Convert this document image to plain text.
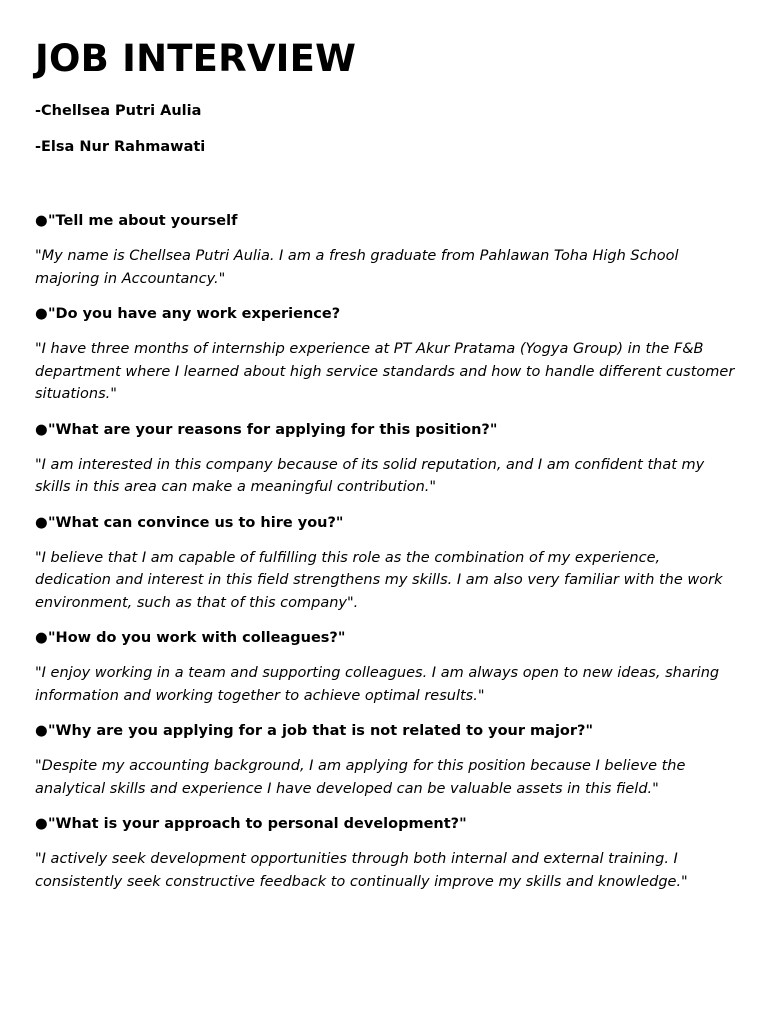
JOB INTERVIEW

-Chellsea Putri Aulia

-Elsa Nur Rahmawati

●"Tell me about yourself

"My name is Chellsea Putri Aulia. I am a fresh graduate from Pahlawan Toha High School majoring in Accountancy."

●"Do you have any work experience?

"I have three months of internship experience at PT Akur Pratama (Yogya Group) in the F&B department where I learned about high service standards and how to handle different customer situations."

●"What are your reasons for applying for this position?"

"I am interested in this company because of its solid reputation, and I am confident that my skills in this area can make a meaningful contribution."

●"What can convince us to hire you?"

"I believe that I am capable of fulfilling this role as the combination of my experience, dedication and interest in this field strengthens my skills. I am also very familiar with the work environment, such as that of this company".

●"How do you work with colleagues?"

"I enjoy working in a team and supporting colleagues. I am always open to new ideas, sharing information and working together to achieve optimal results."

●"Why are you applying for a job that is not related to your major?"

"Despite my accounting background, I am applying for this position because I believe the analytical skills and experience I have developed can be valuable assets in this field."

●"What is your approach to personal development?"

"I actively seek development opportunities through both internal and external training. I consistently seek constructive feedback to continually improve my skills and knowledge."
